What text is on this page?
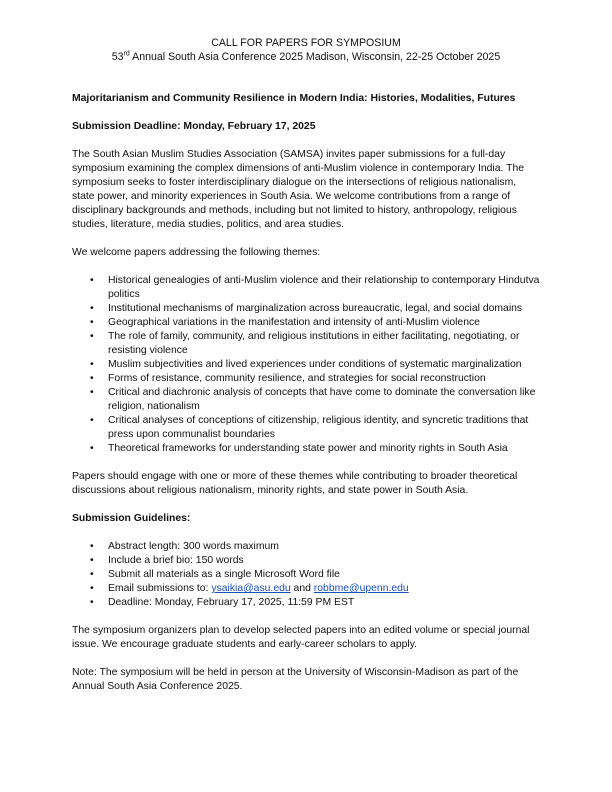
CALL FOR PAPERS FOR SYMPOSIUM
53rd Annual South Asia Conference 2025 Madison, Wisconsin, 22-25 October 2025
Majoritarianism and Community Resilience in Modern India: Histories, Modalities, Futures
Submission Deadline: Monday, February 17, 2025

The South Asian Muslim Studies Association (SAMSA) invites paper submissions for a full-day symposium examining the complex dimensions of anti-Muslim violence in contemporary India. The symposium seeks to foster interdisciplinary dialogue on the intersections of religious nationalism, state power, and minority experiences in South Asia. We welcome contributions from a range of disciplinary backgrounds and methods, including but not limited to history, anthropology, religious studies, literature, media studies, politics, and area studies.

We welcome papers addressing the following themes:

• Historical genealogies of anti-Muslim violence and their relationship to contemporary Hindutva politics
• Institutional mechanisms of marginalization across bureaucratic, legal, and social domains
• Geographical variations in the manifestation and intensity of anti-Muslim violence
• The role of family, community, and religious institutions in either facilitating, negotiating, or resisting violence
• Muslim subjectivities and lived experiences under conditions of systematic marginalization
• Forms of resistance, community resilience, and strategies for social reconstruction
• Critical and diachronic analysis of concepts that have come to dominate the conversation like religion, nationalism
• Critical analyses of conceptions of citizenship, religious identity, and syncretic traditions that press upon communalist boundaries
• Theoretical frameworks for understanding state power and minority rights in South Asia

Papers should engage with one or more of these themes while contributing to broader theoretical discussions about religious nationalism, minority rights, and state power in South Asia.

Submission Guidelines:
• Abstract length: 300 words maximum
• Include a brief bio: 150 words
• Submit all materials as a single Microsoft Word file
• Email submissions to: ysaikia@asu.edu and robbme@upenn.edu
• Deadline: Monday, February 17, 2025, 11:59 PM EST

The symposium organizers plan to develop selected papers into an edited volume or special journal issue. We encourage graduate students and early-career scholars to apply.

Note: The symposium will be held in person at the University of Wisconsin-Madison as part of the Annual South Asia Conference 2025.
